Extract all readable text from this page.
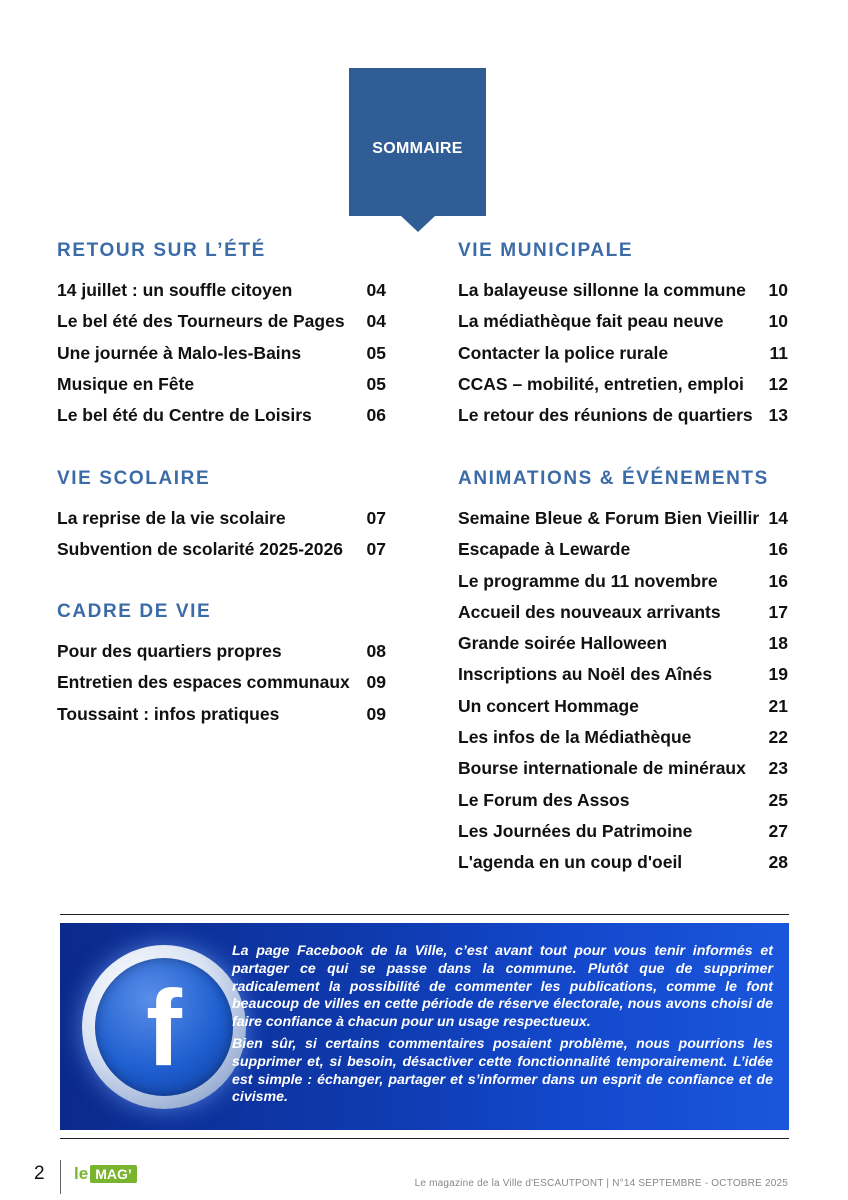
SOMMAIRE
RETOUR SUR L’ÉTÉ
14 juillet : un souffle citoyen	04
Le bel été des Tourneurs de Pages 04
Une journée à Malo-les-Bains	05
Musique en Fête	05
Le bel été du Centre de Loisirs	06
VIE SCOLAIRE
La reprise de la vie scolaire	07
Subvention de scolarité 2025-2026 07
CADRE DE VIE
Pour des quartiers propres	08
Entretien des espaces communaux 09
Toussaint : infos pratiques	09
VIE MUNICIPALE
La balayeuse sillonne la commune 10
La médiathèque fait peau neuve	10
Contacter la police rurale	11
CCAS – mobilité, entretien, emploi 12
Le retour des réunions de quartiers 13
ANIMATIONS & ÉVÉNEMENTS
Semaine Bleue & Forum Bien Vieillir 14
Escapade à Lewarde	16
Le programme du 11 novembre	16
Accueil des nouveaux arrivants	17
Grande soirée Halloween	18
Inscriptions au Noël des Aînés	19
Un concert Hommage	21
Les infos de la Médiathèque	22
Bourse internationale de minéraux 23
Le Forum des Assos	25
Les Journées du Patrimoine	27
L'agenda en un coup d'oeil	28
f

La page Facebook de la Ville, c’est avant tout pour vous tenir informés et partager ce qui se passe dans la commune. Plutôt que de supprimer radicalement la possibilité de commenter les publications, comme le font beaucoup de villes en cette période de réserve électorale, nous avons choisi de faire confiance à chacun pour un usage respectueux.

Bien sûr, si certains commentaires posaient problème, nous pourrions les supprimer et, si besoin, désactiver cette fonctionnalité temporairement. L’idée est simple : échanger, partager et s’informer dans un esprit de confiance et de civisme.

2 le MAG’
Le magazine de la Ville d'ESCAUTPONT | N°14 SEPTEMBRE - OCTOBRE 2025
